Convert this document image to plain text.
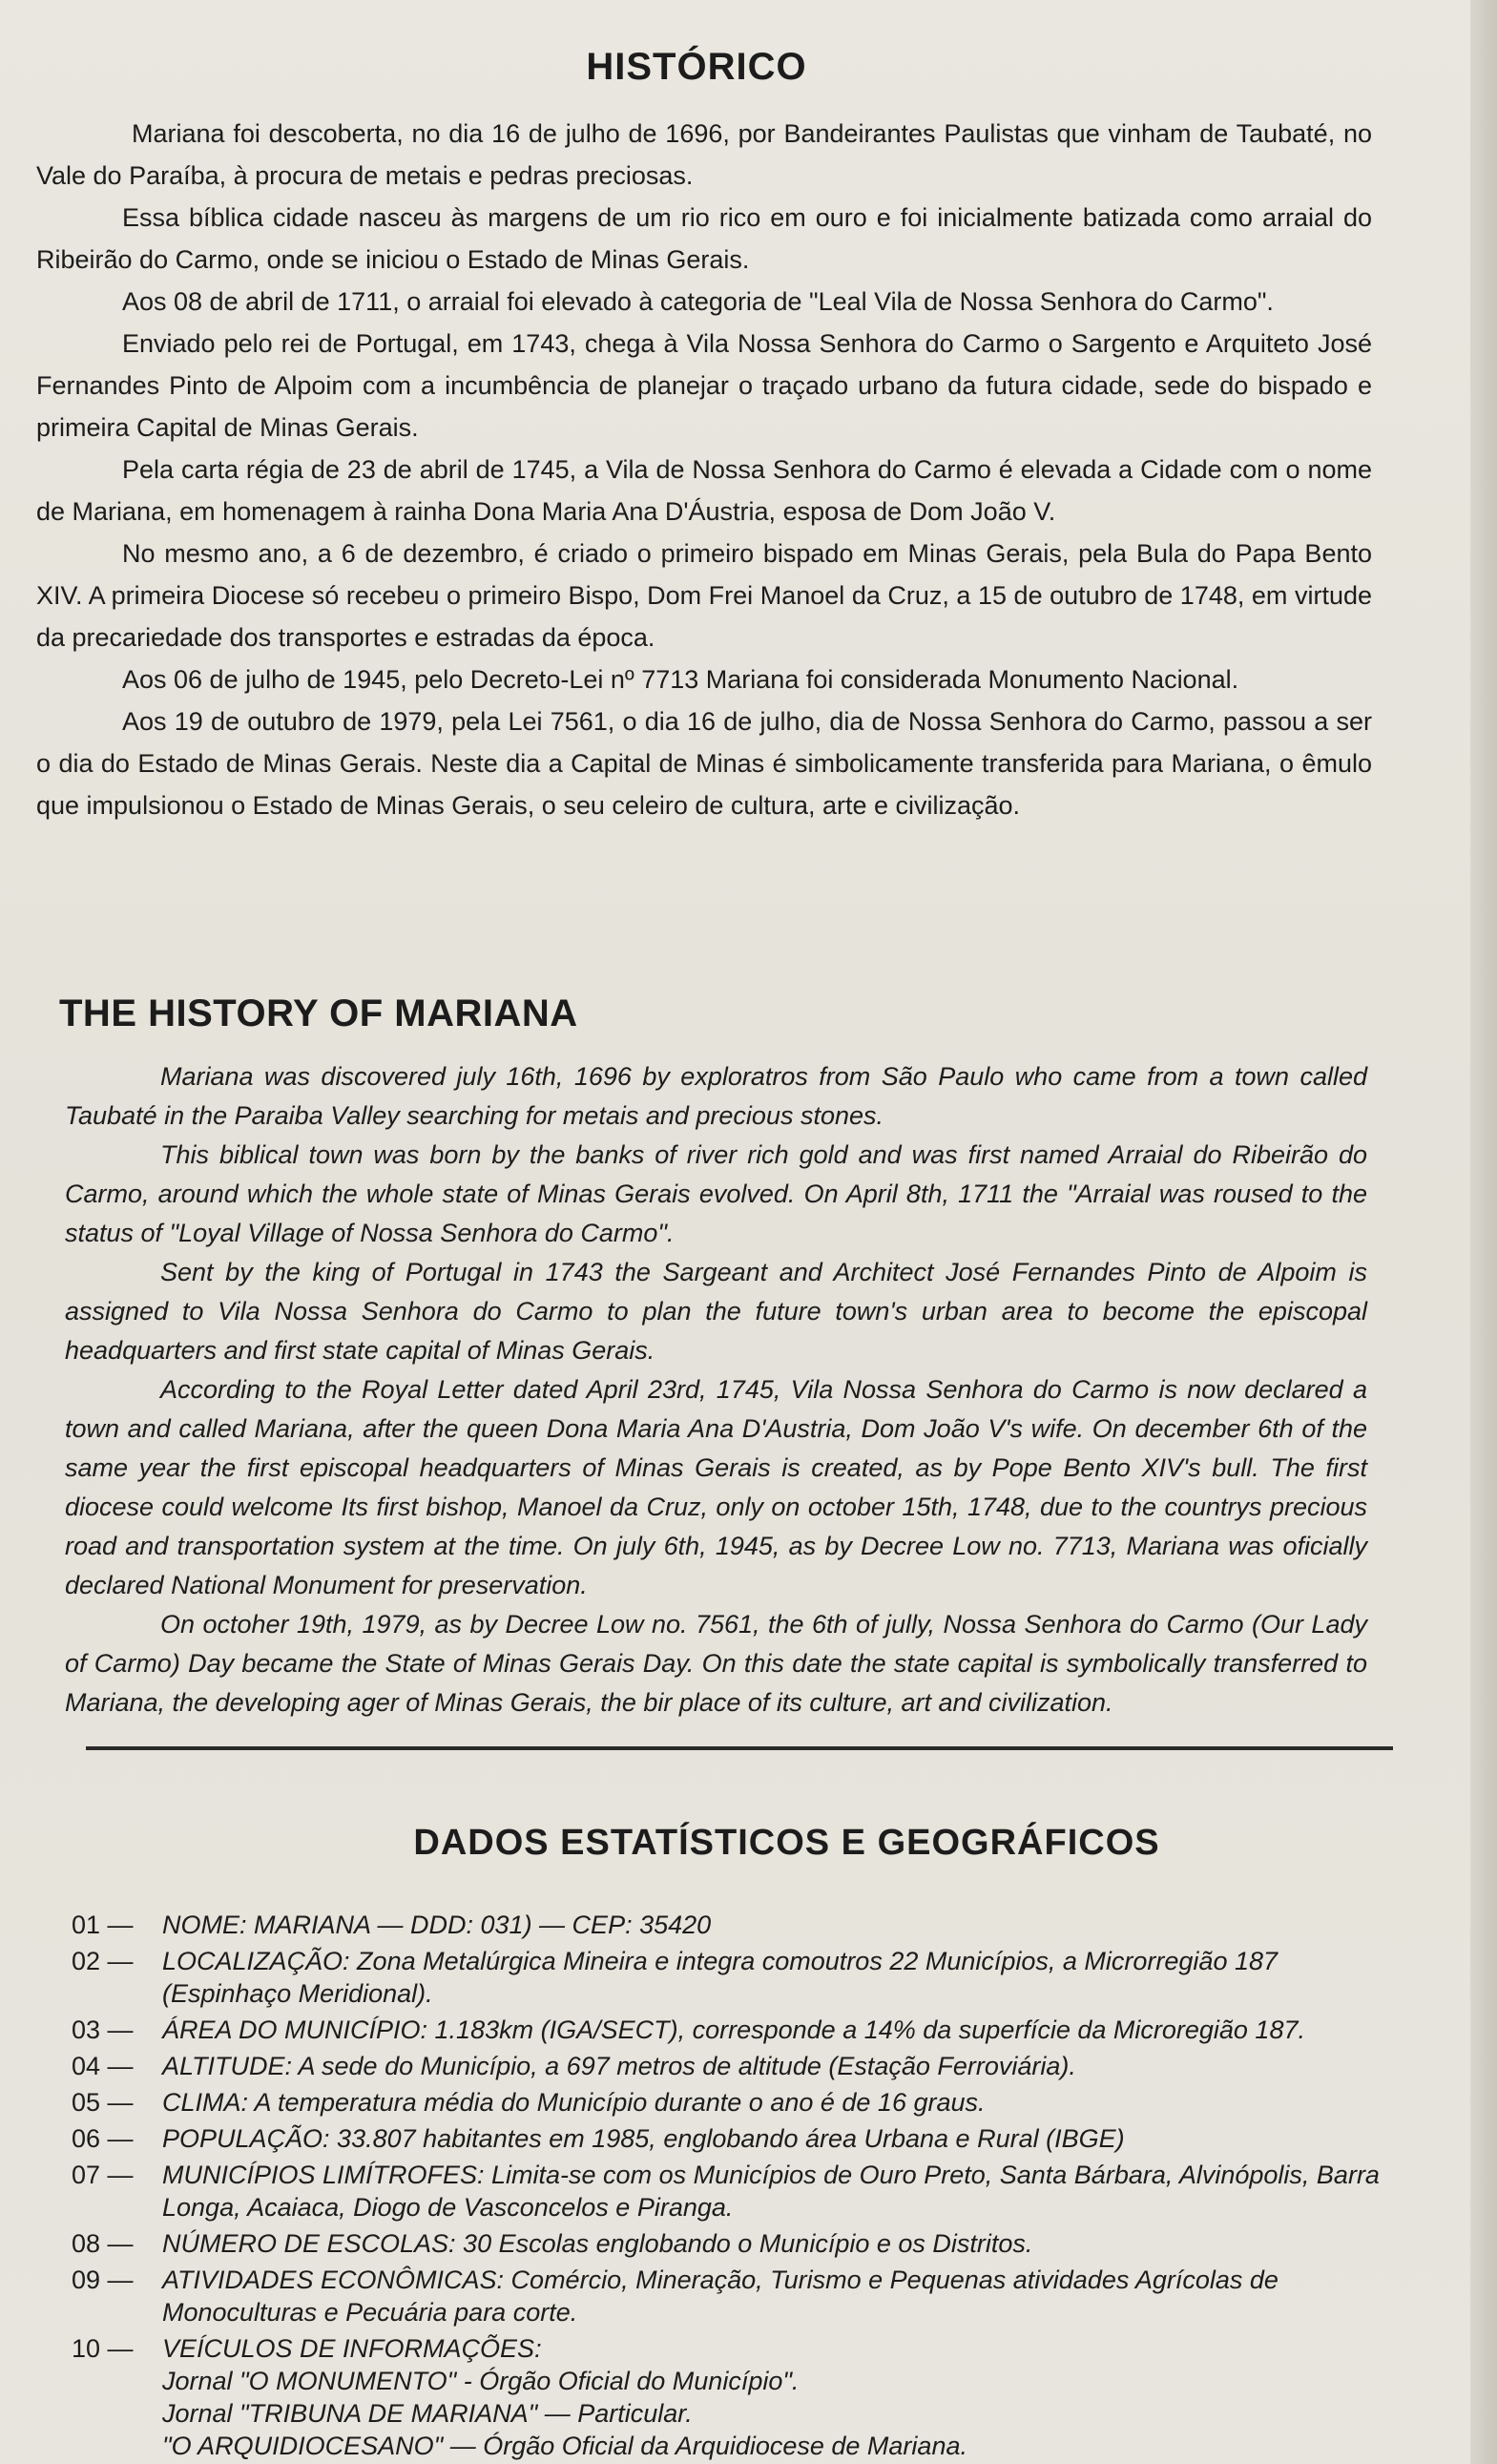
HISTÓRICO

Mariana foi descoberta, no dia 16 de julho de 1696, por Bandeirantes Paulistas que vinham de Taubaté, no Vale do Paraíba, à procura de metais e pedras preciosas.

Essa bíblica cidade nasceu às margens de um rio rico em ouro e foi inicialmente batizada como arraial do Ribeirão do Carmo, onde se iniciou o Estado de Minas Gerais.

Aos 08 de abril de 1711, o arraial foi elevado à categoria de "Leal Vila de Nossa Senhora do Carmo".

Enviado pelo rei de Portugal, em 1743, chega à Vila Nossa Senhora do Carmo o Sargento e Arquiteto José Fernandes Pinto de Alpoim com a incumbência de planejar o traçado urbano da futura cidade, sede do bispado e primeira Capital de Minas Gerais.

Pela carta régia de 23 de abril de 1745, a Vila de Nossa Senhora do Carmo é elevada a Cidade com o nome de Mariana, em homenagem à rainha Dona Maria Ana D'Áustria, esposa de Dom João V.

No mesmo ano, a 6 de dezembro, é criado o primeiro bispado em Minas Gerais, pela Bula do Papa Bento XIV. A primeira Diocese só recebeu o primeiro Bispo, Dom Frei Manoel da Cruz, a 15 de outubro de 1748, em virtude da precariedade dos transportes e estradas da época.

Aos 06 de julho de 1945, pelo Decreto-Lei nº 7713 Mariana foi considerada Monumento Nacional.

Aos 19 de outubro de 1979, pela Lei 7561, o dia 16 de julho, dia de Nossa Senhora do Carmo, passou a ser o dia do Estado de Minas Gerais. Neste dia a Capital de Minas é simbolicamente transferida para Mariana, o êmulo que impulsionou o Estado de Minas Gerais, o seu celeiro de cultura, arte e civilização.

THE HISTORY OF MARIANA

Mariana was discovered july 16th, 1696 by exploratros from São Paulo who came from a town called Taubaté in the Paraiba Valley searching for metais and precious stones.

This biblical town was born by the banks of river rich gold and was first named Arraial do Ribeirão do Carmo, around which the whole state of Minas Gerais evolved. On April 8th, 1711 the "Arraial was roused to the status of "Loyal Village of Nossa Senhora do Carmo".

Sent by the king of Portugal in 1743 the Sargeant and Architect José Fernandes Pinto de Alpoim is assigned to Vila Nossa Senhora do Carmo to plan the future town's urban area to become the episcopal headquarters and first state capital of Minas Gerais.

According to the Royal Letter dated April 23rd, 1745, Vila Nossa Senhora do Carmo is now declared a town and called Mariana, after the queen Dona Maria Ana D'Austria, Dom João V's wife. On december 6th of the same year the first episcopal headquarters of Minas Gerais is created, as by Pope Bento XIV's bull. The first diocese could welcome Its first bishop, Manoel da Cruz, only on october 15th, 1748, due to the countrys precious road and transportation system at the time. On july 6th, 1945, as by Decree Low no. 7713, Mariana was oficially declared National Monument for preservation.

On octoher 19th, 1979, as by Decree Low no. 7561, the 6th of jully, Nossa Senhora do Carmo (Our Lady of Carmo) Day became the State of Minas Gerais Day. On this date the state capital is symbolically transferred to Mariana, the developing ager of Minas Gerais, the bir place of its culture, art and civilization.

DADOS ESTATÍSTICOS E GEOGRÁFICOS
01 —	NOME: MARIANA — DDD: 031) — CEP: 35420
02 —	LOCALIZAÇÃO: Zona Metalúrgica Mineira e integra comoutros 22 Municípios, a Microrregião 187 (Espinhaço Meridional).
03 —	ÁREA DO MUNICÍPIO: 1.183km (IGA/SECT), corresponde a 14% da superfície da Microregião 187.
04 —	ALTITUDE: A sede do Município, a 697 metros de altitude (Estação Ferroviária).
05 —	CLIMA: A temperatura média do Município durante o ano é de 16 graus.
06 —	POPULAÇÃO: 33.807 habitantes em 1985, englobando área Urbana e Rural (IBGE)
07 —	MUNICÍPIOS LIMÍTROFES: Limita-se com os Municípios de Ouro Preto, Santa Bárbara, Alvinópolis, Barra Longa, Acaiaca, Diogo de Vasconcelos e Piranga.
08 —	NÚMERO DE ESCOLAS: 30 Escolas englobando o Município e os Distritos.
09 —	ATIVIDADES ECONÔMICAS: Comércio, Mineração, Turismo e Pequenas atividades Agrícolas de Monoculturas e Pecuária para corte.
10 —	VEÍCULOS DE INFORMAÇÕES:
Jornal "O MONUMENTO" - Órgão Oficial do Município".
Jornal "TRIBUNA DE MARIANA" — Particular.
"O ARQUIDIOCESANO" — Órgão Oficial da Arquidiocese de Mariana.
